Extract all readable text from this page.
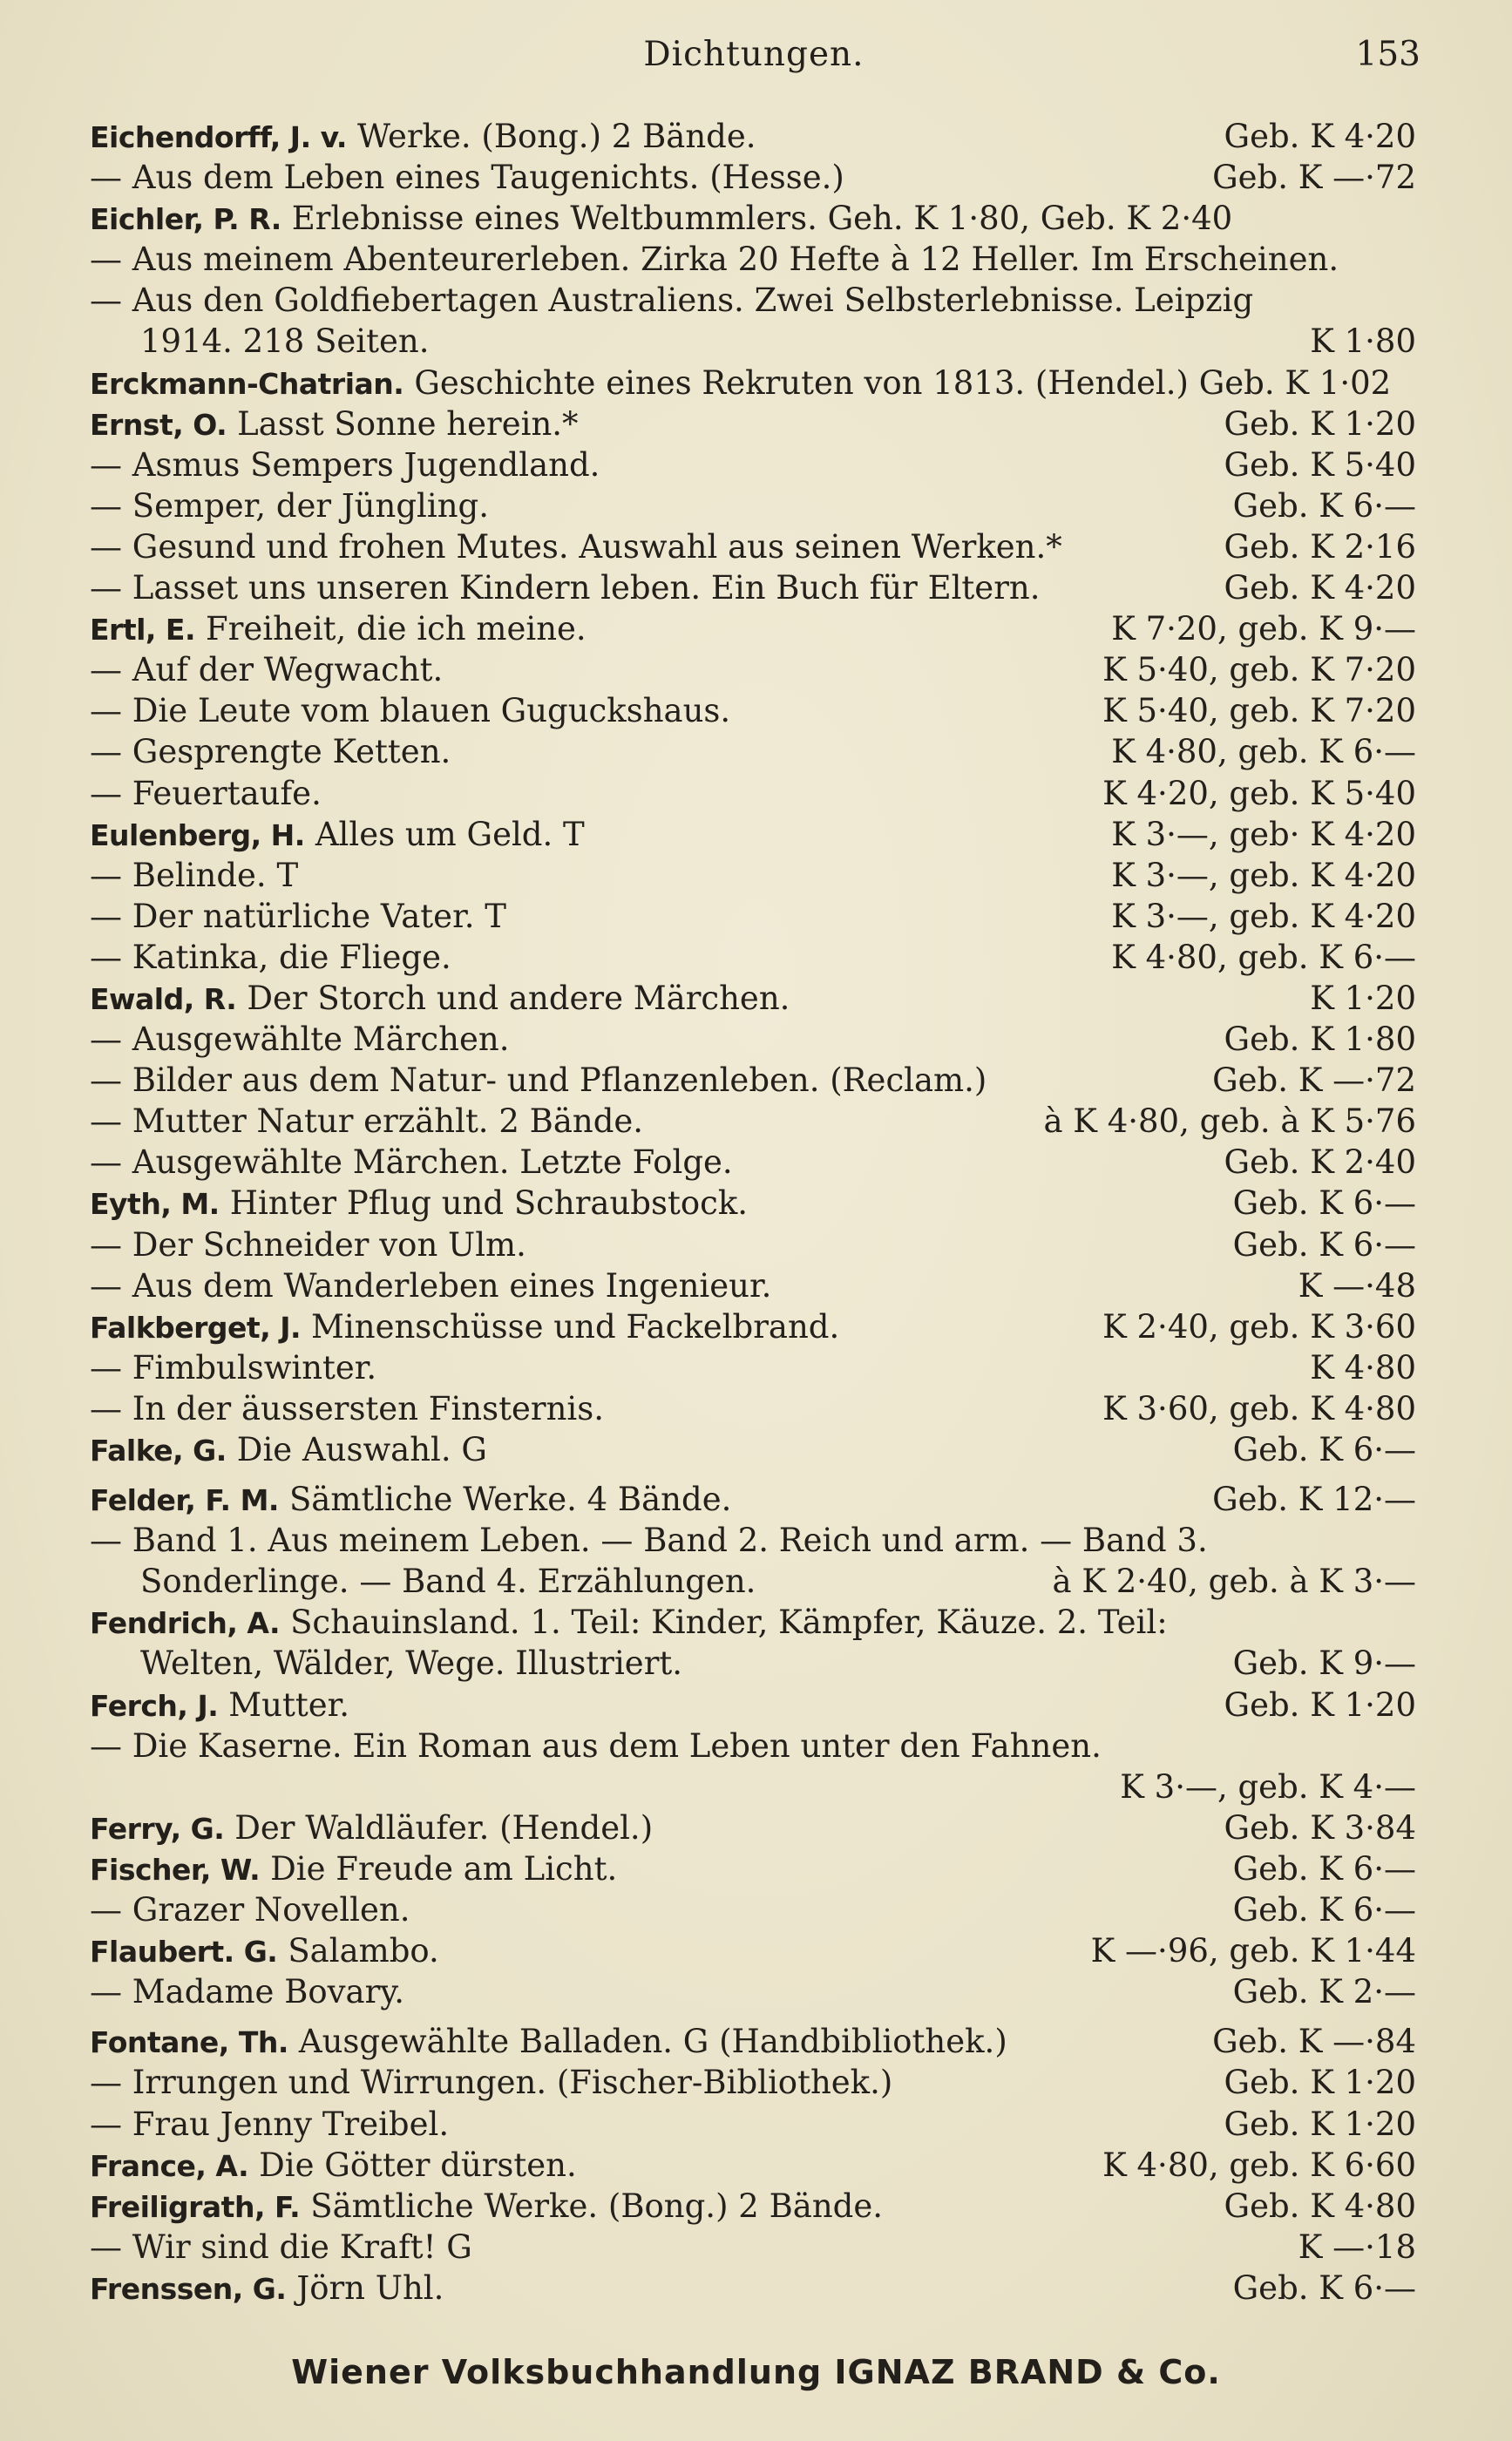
Dichtungen.	153
Eichendorff, J. v. Werke. (Bong.) 2 Bände.	Geb. K 4·20
— Aus dem Leben eines Taugenichts. (Hesse.)	Geb. K —·72
Eichler, P. R. Erlebnisse eines Weltbummlers. Geh. K 1·80, Geb. K 2·40
— Aus meinem Abenteurerleben. Zirka 20 Hefte à 12 Heller. Im Erscheinen.
— Aus den Goldfiebertagen Australiens. Zwei Selbsterlebnisse. Leipzig
1914. 218 Seiten.	K 1·80
Erckmann-Chatrian. Geschichte eines Rekruten von 1813. (Hendel.) Geb. K 1·02
Ernst, O. Lasst Sonne herein.*	Geb. K 1·20
— Asmus Sempers Jugendland.	Geb. K 5·40
— Semper, der Jüngling.	Geb. K 6·—
— Gesund und frohen Mutes. Auswahl aus seinen Werken.*	Geb. K 2·16
— Lasset uns unseren Kindern leben. Ein Buch für Eltern.	Geb. K 4·20
Ertl, E. Freiheit, die ich meine.	K 7·20, geb. K 9·—
— Auf der Wegwacht.	K 5·40, geb. K 7·20
— Die Leute vom blauen Guguckshaus.	K 5·40, geb. K 7·20
— Gesprengte Ketten.	K 4·80, geb. K 6·—
— Feuertaufe.	K 4·20, geb. K 5·40
Eulenberg, H. Alles um Geld. T	K 3·—, geb· K 4·20
— Belinde. T	K 3·—, geb. K 4·20
— Der natürliche Vater. T	K 3·—, geb. K 4·20
— Katinka, die Fliege.	K 4·80, geb. K 6·—
Ewald, R. Der Storch und andere Märchen.	K 1·20
— Ausgewählte Märchen.	Geb. K 1·80
— Bilder aus dem Natur- und Pflanzenleben. (Reclam.)	Geb. K —·72
— Mutter Natur erzählt. 2 Bände.	à K 4·80, geb. à K 5·76
— Ausgewählte Märchen. Letzte Folge.	Geb. K 2·40
Eyth, M. Hinter Pflug und Schraubstock.	Geb. K 6·—
— Der Schneider von Ulm.	Geb. K 6·—
— Aus dem Wanderleben eines Ingenieur.	K —·48
Falkberget, J. Minenschüsse und Fackelbrand.	K 2·40, geb. K 3·60
— Fimbulswinter.	K 4·80
— In der äussersten Finsternis.	K 3·60, geb. K 4·80
Falke, G. Die Auswahl. G	Geb. K 6·—
Felder, F. M. Sämtliche Werke. 4 Bände.	Geb. K 12·—
— Band 1. Aus meinem Leben. — Band 2. Reich und arm. — Band 3.
Sonderlinge. — Band 4. Erzählungen.	à K 2·40, geb. à K 3·—
Fendrich, A. Schauinsland. 1. Teil: Kinder, Kämpfer, Käuze. 2. Teil:
Welten, Wälder, Wege. Illustriert.	Geb. K 9·—
Ferch, J. Mutter.	Geb. K 1·20
— Die Kaserne. Ein Roman aus dem Leben unter den Fahnen.
K 3·—, geb. K 4·—
Ferry, G. Der Waldläufer. (Hendel.)	Geb. K 3·84
Fischer, W. Die Freude am Licht.	Geb. K 6·—
— Grazer Novellen.	Geb. K 6·—
Flaubert. G. Salambo.	K —·96, geb. K 1·44
— Madame Bovary.	Geb. K 2·—
Fontane, Th. Ausgewählte Balladen. G (Handbibliothek.)	Geb. K —·84
— Irrungen und Wirrungen. (Fischer-Bibliothek.)	Geb. K 1·20
— Frau Jenny Treibel.	Geb. K 1·20
France, A. Die Götter dürsten.	K 4·80, geb. K 6·60
Freiligrath, F. Sämtliche Werke. (Bong.) 2 Bände.	Geb. K 4·80
— Wir sind die Kraft! G	K —·18
Frenssen, G. Jörn Uhl.	Geb. K 6·—
Wiener Volksbuchhandlung IGNAZ BRAND & Co.
